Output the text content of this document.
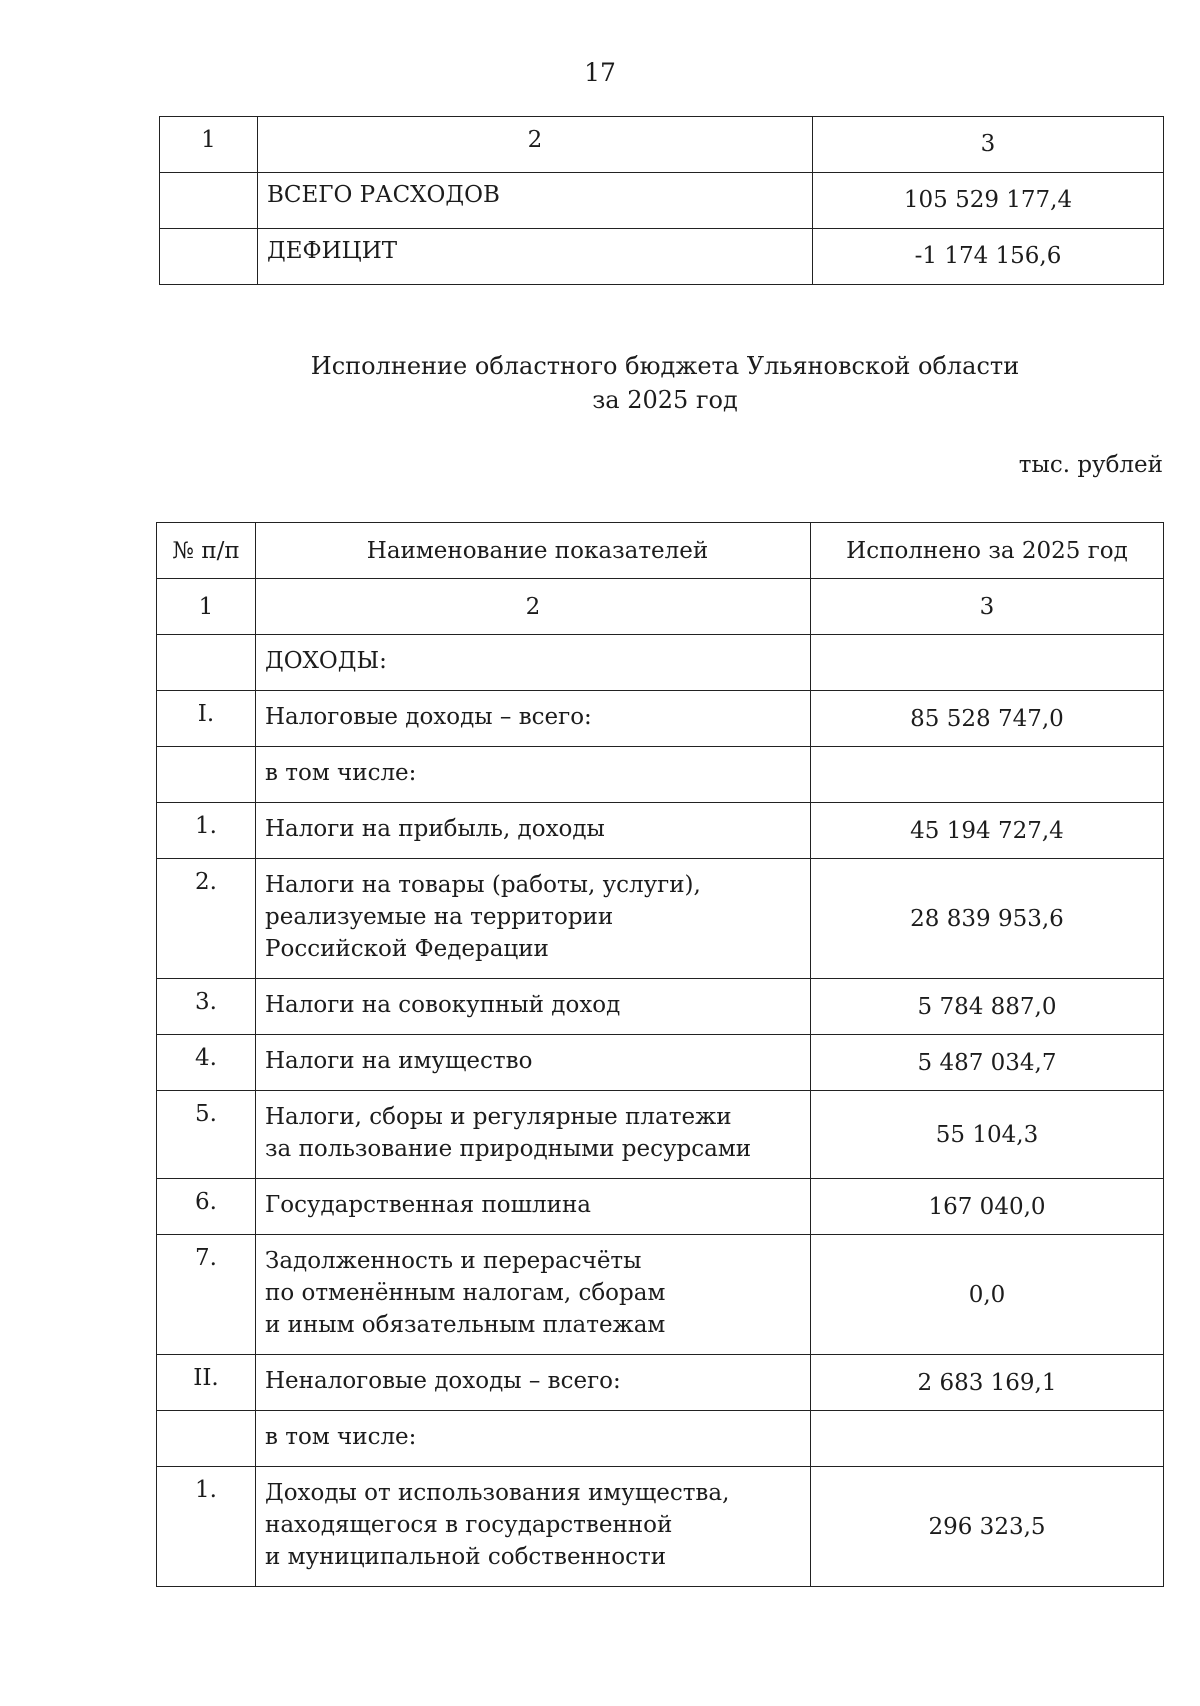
17
1	2	3
	ВСЕГО РАСХОДОВ	105 529 177,4
	ДЕФИЦИТ	-1 174 156,6
Исполнение областного бюджета Ульяновской области
за 2025 год
тыс. рублей
№ п/п	Наименование показателей	Исполнено за 2025 год
1	2	3
	ДОХОДЫ:	
I.	Налоговые доходы – всего:	85 528 747,0
	в том числе:	
1.	Налоги на прибыль, доходы	45 194 727,4
2.	Налоги на товары (работы, услуги),
реализуемые на территории
Российской Федерации	28 839 953,6
3.	Налоги на совокупный доход	5 784 887,0
4.	Налоги на имущество	5 487 034,7
5.	Налоги, сборы и регулярные платежи
за пользование природными ресурсами	55 104,3
6.	Государственная пошлина	167 040,0
7.	Задолженность и перерасчёты
по отменённым налогам, сборам
и иным обязательным платежам	0,0
II.	Неналоговые доходы – всего:	2 683 169,1
	в том числе:	
1.	Доходы от использования имущества,
находящегося в государственной
и муниципальной собственности	296 323,5
